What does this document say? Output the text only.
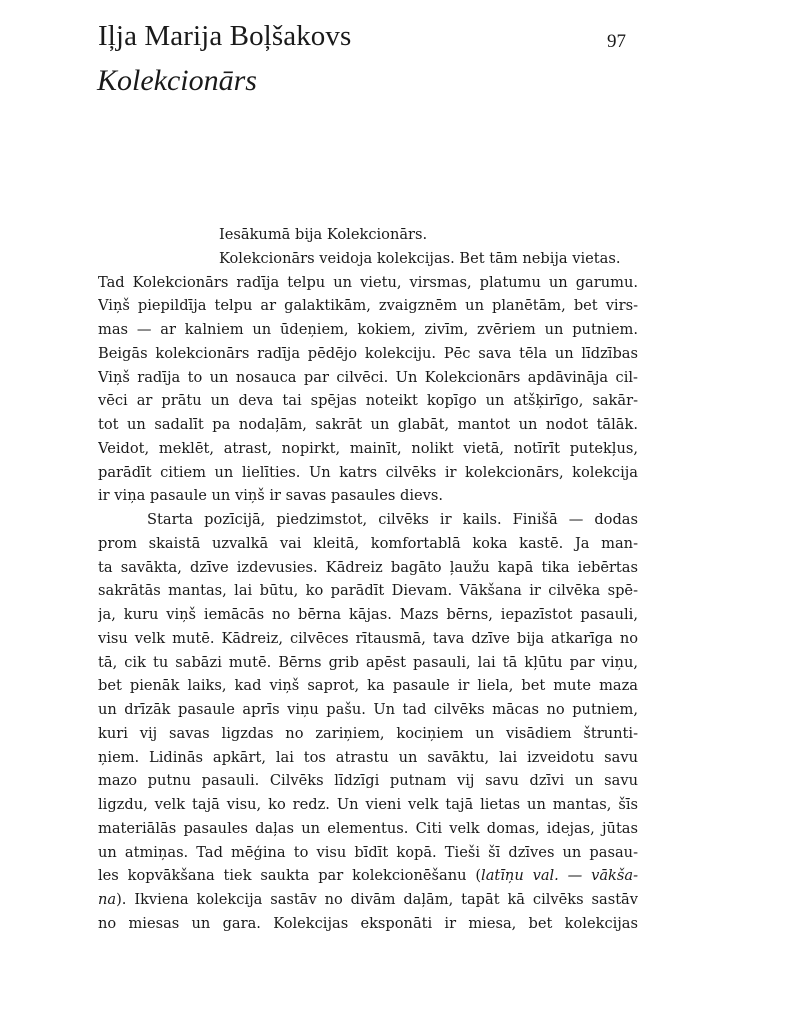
Iļja Marija Boļšakovs	97
Kolekcionārs
Iesākumā bija Kolekcionārs.
Kolekcionārs veidoja kolekcijas. Bet tām nebija vietas.
Tad Kolekcionārs radīja telpu un vietu, virsmas, platumu un garumu.
Viņš piepildīja telpu ar galaktikām, zvaigznēm un planētām, bet virs-
mas — ar kalniem un ūdeņiem, kokiem, zivīm, zvēriem un putniem.
Beigās kolekcionārs radīja pēdējo kolekciju. Pēc sava tēla un līdzības
Viņš radīja to un nosauca par cilvēci. Un Kolekcionārs apdāvināja cil-
vēci ar prātu un deva tai spējas noteikt kopīgo un atšķirīgo, sakār-
tot un sadalīt pa nodaļām, sakrāt un glabāt, mantot un nodot tālāk.
Veidot, meklēt, atrast, nopirkt, mainīt, nolikt vietā, notīrīt putekļus,
parādīt citiem un lielīties. Un katrs cilvēks ir kolekcionārs, kolekcija
ir viņa pasaule un viņš ir savas pasaules dievs.
Starta pozīcijā, piedzimstot, cilvēks ir kails. Finišā — dodas
prom skaistā uzvalkā vai kleitā, komfortablā koka kastē. Ja man-
ta savākta, dzīve izdevusies. Kādreiz bagāto ļaužu kapā tika iebērtas
sakrātās mantas, lai būtu, ko parādīt Dievam. Vākšana ir cilvēka spē-
ja, kuru viņš iemācās no bērna kājas. Mazs bērns, iepazīstot pasauli,
visu velk mutē. Kādreiz, cilvēces rītausmā, tava dzīve bija atkarīga no
tā, cik tu sabāzi mutē. Bērns grib apēst pasauli, lai tā kļūtu par viņu,
bet pienāk laiks, kad viņš saprot, ka pasaule ir liela, bet mute maza
un drīzāk pasaule aprīs viņu pašu. Un tad cilvēks mācas no putniem,
kuri vij savas ligzdas no zariņiem, kociņiem un visādiem štrunti-
ņiem. Lidinās apkārt, lai tos atrastu un savāktu, lai izveidotu savu
mazo putnu pasauli. Cilvēks līdzīgi putnam vij savu dzīvi un savu
ligzdu, velk tajā visu, ko redz. Un vieni velk tajā lietas un mantas, šīs
materiālās pasaules daļas un elementus. Citi velk domas, idejas, jūtas
un atmiņas. Tad mēģina to visu bīdīt kopā. Tieši šī dzīves un pasau-
les kopvākšana tiek saukta par kolekcionēšanu (latīņu val. — vākša-
na). Ikviena kolekcija sastāv no divām daļām, tapāt kā cilvēks sastāv
no miesas un gara. Kolekcijas eksponāti ir miesa, bet kolekcijas
